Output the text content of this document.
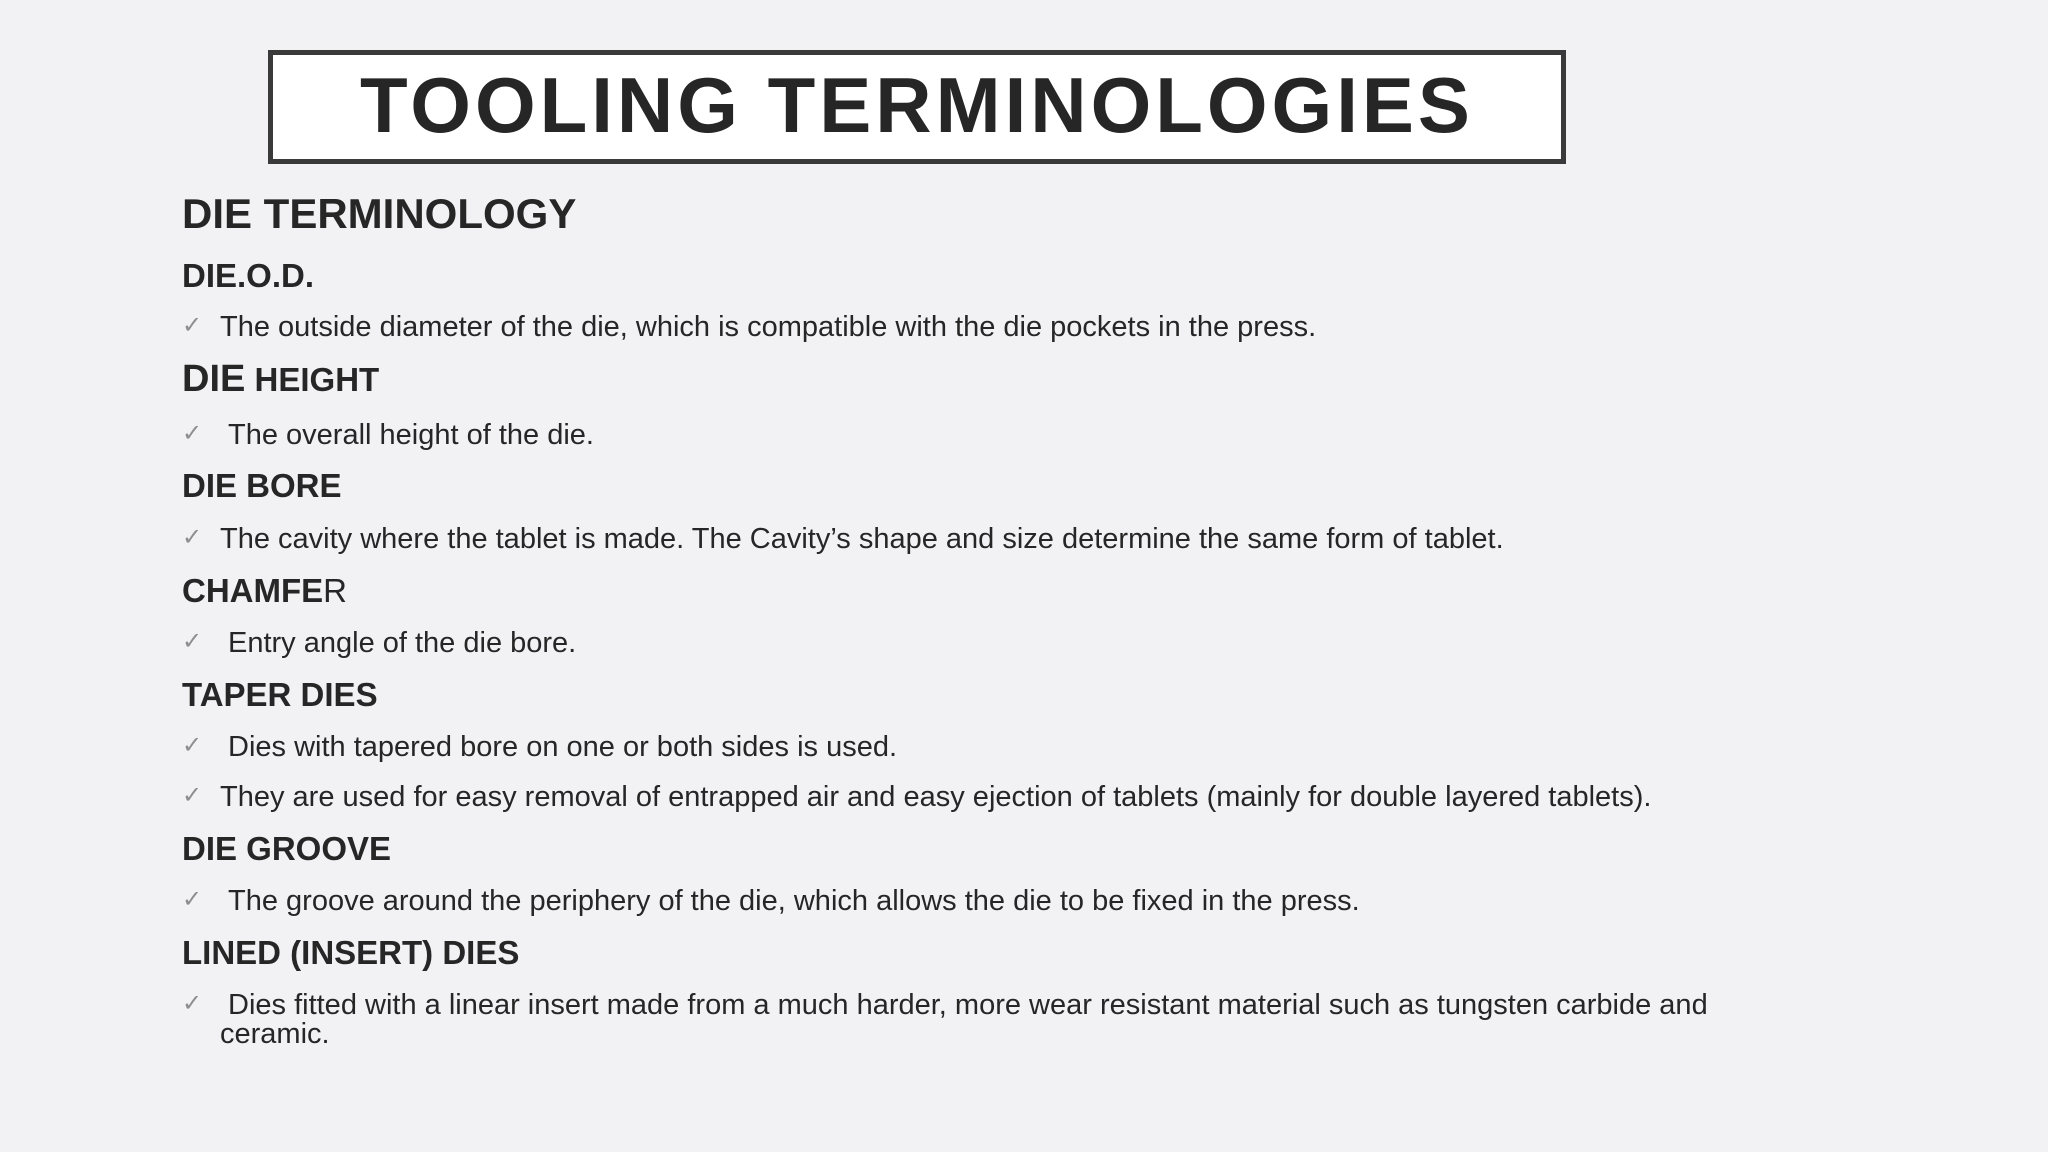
TOOLING TERMINOLOGIES
DIE TERMINOLOGY
DIE.O.D.
✓ The outside diameter of the die, which is compatible with the die pockets in the press.
DIE HEIGHT
✓ The overall height of the die.
DIE BORE
✓ The cavity where the tablet is made. The Cavity’s shape and size determine the same form of tablet.
CHAMFER
✓ Entry angle of the die bore.
TAPER DIES
✓ Dies with tapered bore on one or both sides is used.
✓ They are used for easy removal of entrapped air and easy ejection of tablets (mainly for double layered tablets).
DIE GROOVE
✓ The groove around the periphery of the die, which allows the die to be fixed in the press.
LINED (INSERT) DIES
✓ Dies fitted with a linear insert made from a much harder, more wear resistant material such as tungsten carbide and ceramic.
